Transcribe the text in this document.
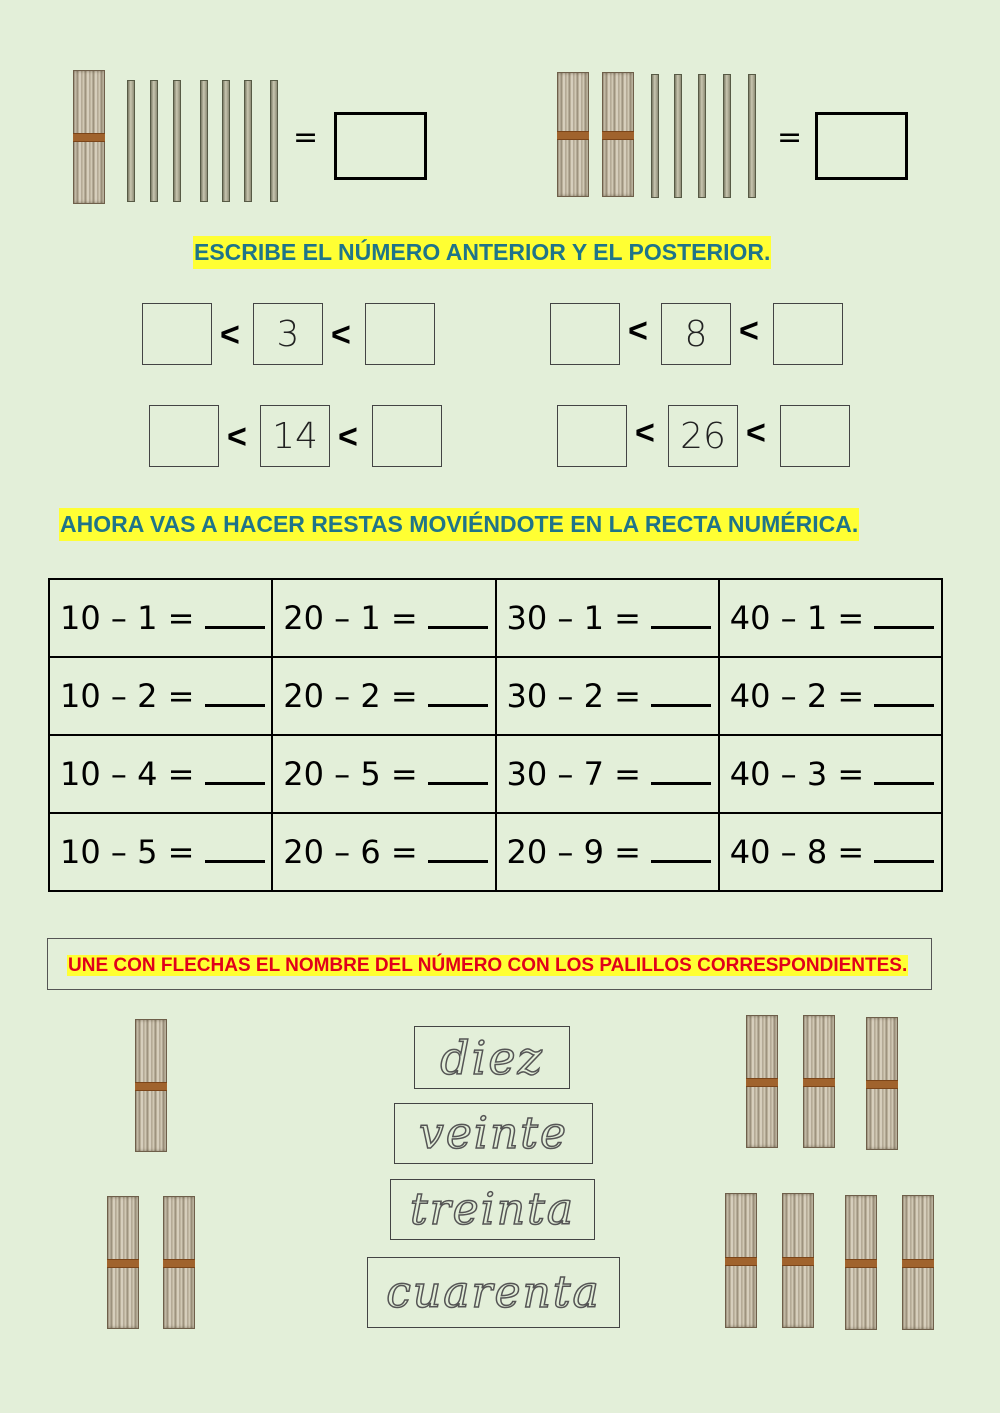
=	=
ESCRIBE EL NÚMERO ANTERIOR Y EL POSTERIOR.
<	3 <	<	8 <
< 14 <	< 26 <
AHORA VAS A HACER RESTAS MOVIÉNDOTE EN LA RECTA NUMÉRICA.
10 – 1 =	20 – 1 =	30 – 1 =	40 – 1 =
10 – 2 =	20 – 2 =	30 – 2 =	40 – 2 =
10 – 4 =	20 – 5 =	30 – 7 =	40 – 3 =
10 – 5 =	20 – 6 =	20 – 9 =	40 – 8 =
UNE CON FLECHAS EL NOMBRE DEL NÚMERO CON LOS PALILLOS CORRESPONDIENTES.
diez
veinte
treinta
cuarenta
